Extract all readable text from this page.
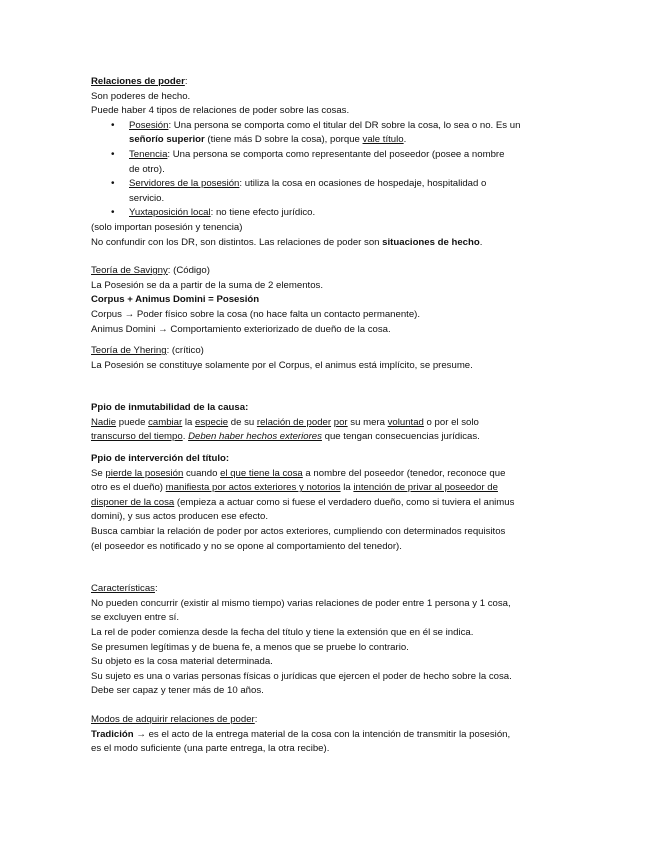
Relaciones de poder:
Son poderes de hecho.
Puede haber 4 tipos de relaciones de poder sobre las cosas.
• Posesión: Una persona se comporta como el titular del DR sobre la cosa, lo sea o no. Es un
señorío superior (tiene más D sobre la cosa), porque vale título.
• Tenencia: Una persona se comporta como representante del poseedor (posee a nombre
de otro).
• Servidores de la posesión: utiliza la cosa en ocasiones de hospedaje, hospitalidad o
servicio.
• Yuxtaposición local: no tiene efecto jurídico.
(solo importan posesión y tenencia)
No confundir con los DR, son distintos. Las relaciones de poder son situaciones de hecho.
Teoría de Savigny: (Código)
La Posesión se da a partir de la suma de 2 elementos.
Corpus + Animus Domini = Posesión
Corpus → Poder físico sobre la cosa (no hace falta un contacto permanente).
Animus Domini → Comportamiento exteriorizado de dueño de la cosa.
Teoría de Yhering: (crítico)
La Posesión se constituye solamente por el Corpus, el animus está implícito, se presume.
Ppio de inmutabilidad de la causa:
Nadie puede cambiar la especie de su relación de poder por su mera voluntad o por el solo
transcurso del tiempo. Deben haber hechos exteriores que tengan consecuencias jurídicas.
Ppio de interverción del título:
Se pierde la posesión cuando el que tiene la cosa a nombre del poseedor (tenedor, reconoce que
otro es el dueño) manifiesta por actos exteriores y notorios la intención de privar al poseedor de
disponer de la cosa (empieza a actuar como si fuese el verdadero dueño, como si tuviera el animus
domini), y sus actos producen ese efecto.
Busca cambiar la relación de poder por actos exteriores, cumpliendo con determinados requisitos
(el poseedor es notificado y no se opone al comportamiento del tenedor).
Características:
No pueden concurrir (existir al mismo tiempo) varias relaciones de poder entre 1 persona y 1 cosa,
se excluyen entre sí.
La rel de poder comienza desde la fecha del título y tiene la extensión que en él se indica.
Se presumen legítimas y de buena fe, a menos que se pruebe lo contrario.
Su objeto es la cosa material determinada.
Su sujeto es una o varias personas físicas o jurídicas que ejercen el poder de hecho sobre la cosa.
Debe ser capaz y tener más de 10 años.
Modos de adquirir relaciones de poder:
Tradición → es el acto de la entrega material de la cosa con la intención de transmitir la posesión,
es el modo suficiente (una parte entrega, la otra recibe).
